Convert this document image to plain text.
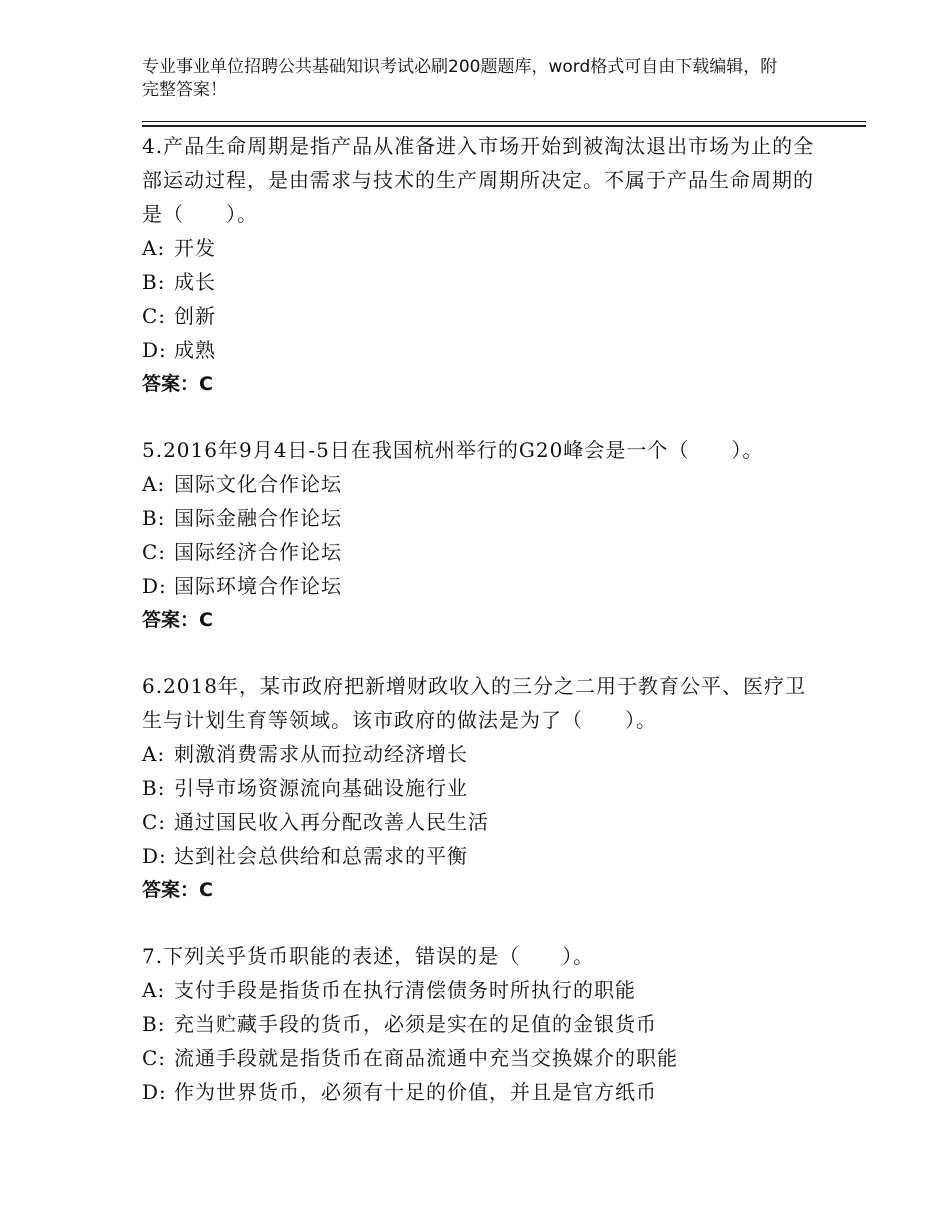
专业事业单位招聘公共基础知识考试必刷200题题库，word格式可自由下载编辑，附完整答案！

4.产品生命周期是指产品从准备进入市场开始到被淘汰退出市场为止的全部运动过程，是由需求与技术的生产周期所决定。不属于产品生命周期的是（　　）。

A: 开发
B: 成长
C: 创新
D: 成熟
答案：C

5.2016年9月4日-5日在我国杭州举行的G20峰会是一个（　　）。

A: 国际文化合作论坛
B: 国际金融合作论坛
C: 国际经济合作论坛
D: 国际环境合作论坛
答案：C

6.2018年，某市政府把新增财政收入的三分之二用于教育公平、医疗卫生与计划生育等领域。该市政府的做法是为了（　　）。

A: 刺激消费需求从而拉动经济增长
B: 引导市场资源流向基础设施行业
C: 通过国民收入再分配改善人民生活
D: 达到社会总供给和总需求的平衡
答案：C

7.下列关乎货币职能的表述，错误的是（　　）。

A: 支付手段是指货币在执行清偿债务时所执行的职能
B: 充当贮藏手段的货币，必须是实在的足值的金银货币
C: 流通手段就是指货币在商品流通中充当交换媒介的职能
D: 作为世界货币，必须有十足的价值，并且是官方纸币
